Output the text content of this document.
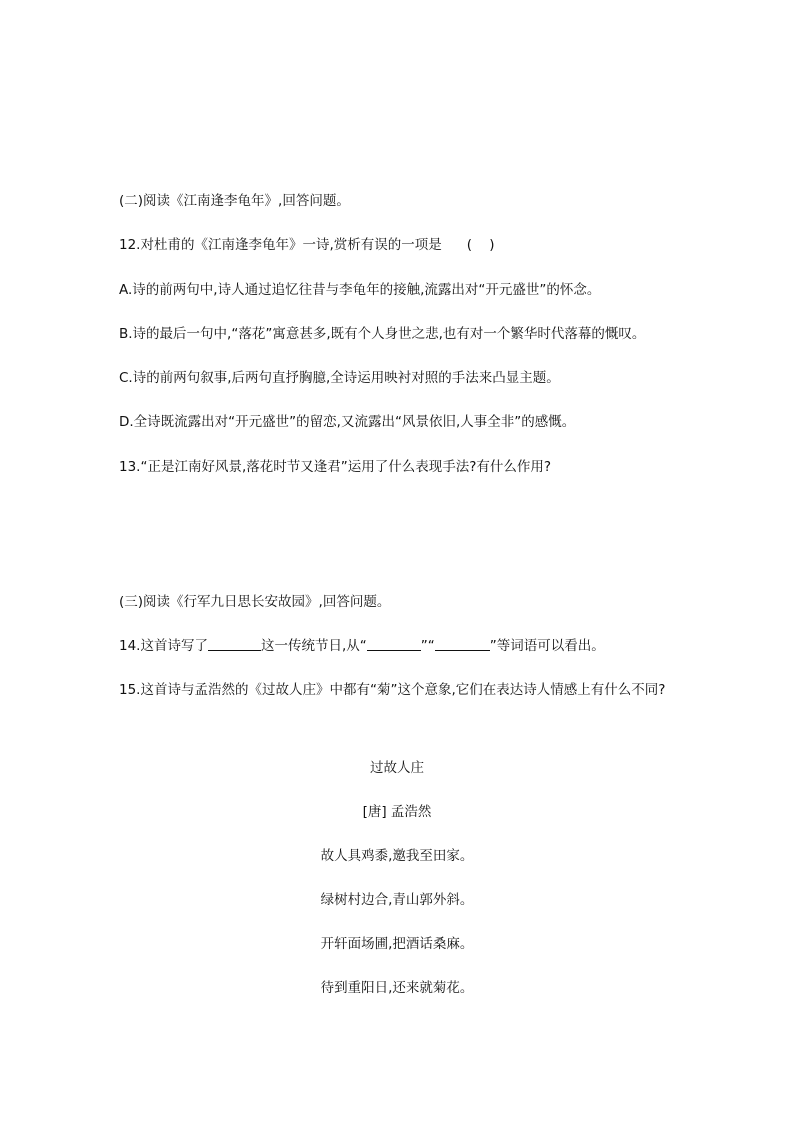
(二)阅读《江南逢李龟年》,回答问题。
12.对杜甫的《江南逢李龟年》一诗,赏析有误的一项是 (    )
A.诗的前两句中,诗人通过追忆往昔与李龟年的接触,流露出对“开元盛世”的怀念。
B.诗的最后一句中,“落花”寓意甚多,既有个人身世之悲,也有对一个繁华时代落幕的慨叹。
C.诗的前两句叙事,后两句直抒胸臆,全诗运用映衬对照的手法来凸显主题。
D.全诗既流露出对“开元盛世”的留恋,又流露出“风景依旧,人事全非”的感慨。
13.“正是江南好风景,落花时节又逢君”运用了什么表现手法?有什么作用?
(三)阅读《行军九日思长安故园》,回答问题。
14.这首诗写了	这一传统节日,从“	”“	”等词语可以看出。
15.这首诗与孟浩然的《过故人庄》中都有“菊”这个意象,它们在表达诗人情感上有什么不同?
过故人庄
[唐] 孟浩然
故人具鸡黍,邀我至田家。
绿树村边合,青山郭外斜。
开轩面场圃,把酒话桑麻。
待到重阳日,还来就菊花。
